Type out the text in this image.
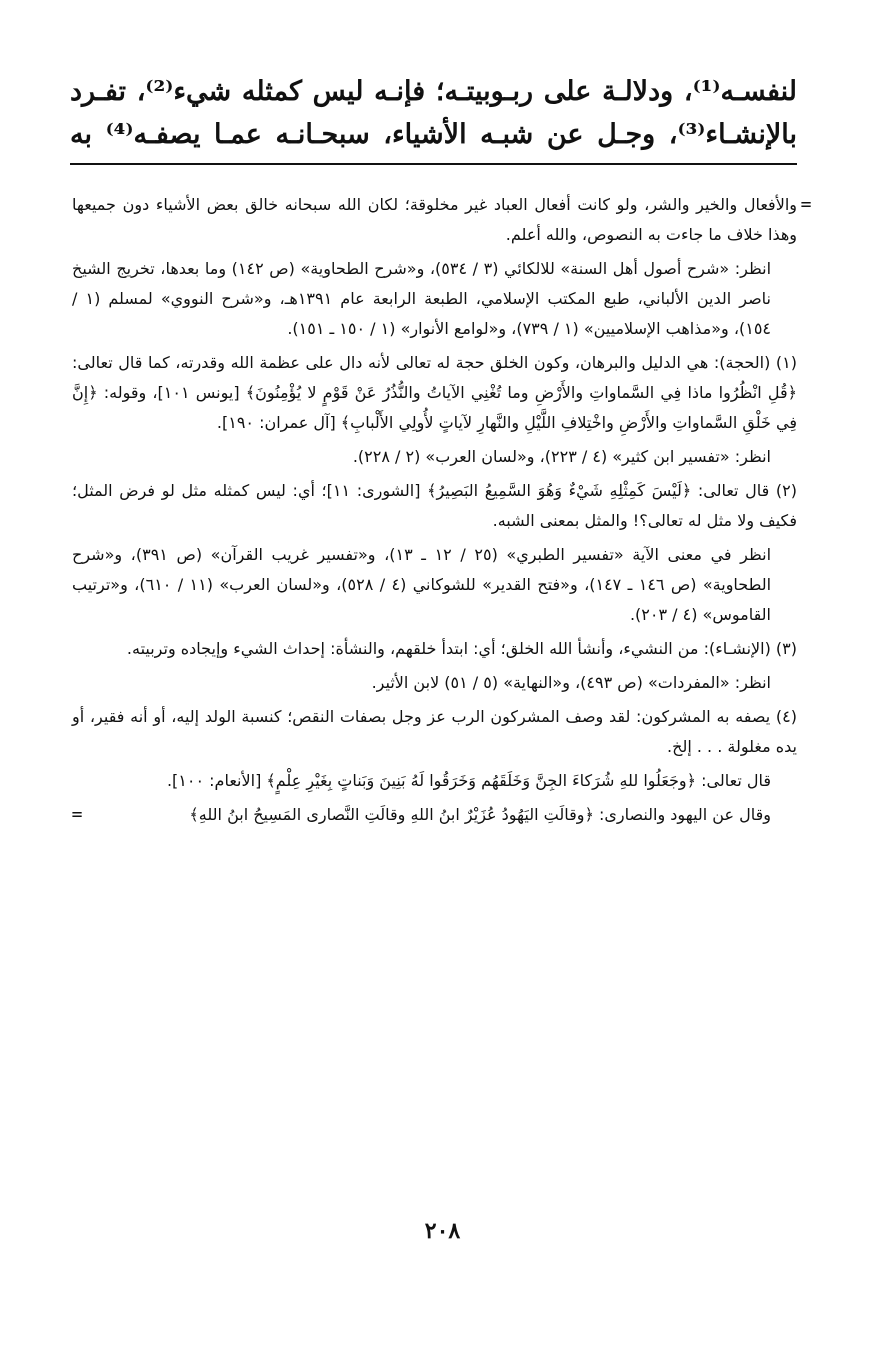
لنفسـه⁽¹⁾، ودلالـة على ربـوبيتـه؛ فإنـه ليس كمثله شيء⁽²⁾، تفـرد
بالإنشـاء⁽³⁾، وجـل عن شبـه الأشياء، سبحـانـه عمـا يصفـه⁽⁴⁾ به

=
والأفعال والخير والشر، ولو كانت أفعال العباد غير مخلوقة؛ لكان الله سبحانه خالق بعض الأشياء دون جميعها وهذا خلاف ما جاءت به النصوص، والله أعلم.

انظر: «شرح أصول أهل السنة» للالكائي (٣ / ٥٣٤)، و«شرح الطحاوية» (ص ١٤٢) وما بعدها، تخريج الشيخ ناصر الدين الألباني، طبع المكتب الإسلامي، الطبعة الرابعة عام ١٣٩١هـ، و«شرح النووي» لمسلم (١ / ١٥٤)، و«مذاهب الإسلاميين» (١ / ٧٣٩)، و«لوامع الأنوار» (١ / ١٥٠ ـ ١٥١).

(١) (الحجة): هي الدليل والبرهان، وكون الخلق حجة له تعالى لأنه دال على عظمة الله وقدرته، كما قال تعالى: ﴿قُلِ انْظُرُوا ماذا فِي السَّماواتِ والأَرْضِ وما تُغْنِي الآياتُ والنُّذُرُ عَنْ قَوْمٍ لا يُؤْمِنُونَ﴾ [يونس ١٠١]، وقوله: ﴿إِنَّ فِي خَلْقِ السَّماواتِ والأَرْضِ واخْتِلافِ اللَّيْلِ والنَّهارِ لآياتٍ لأُولِي الأَلْبابِ﴾ [آل عمران: ١٩٠].

انظر: «تفسير ابن كثير» (٤ / ٢٢٣)، و«لسان العرب» (٢ / ٢٢٨).

(٢) قال تعالى: ﴿لَيْسَ كَمِثْلِهِ شَيْءٌ وَهُوَ السَّمِيعُ البَصِيرُ﴾ [الشورى: ١١]؛ أي: ليس كمثله مثل لو فرض المثل؛ فكيف ولا مثل له تعالى؟! والمثل بمعنى الشبه.

انظر في معنى الآية «تفسير الطبري» (٢٥ / ١٢ ـ ١٣)، و«تفسير غريب القرآن» (ص ٣٩١)، و«شرح الطحاوية» (ص ١٤٦ ـ ١٤٧)، و«فتح القدير» للشوكاني (٤ / ٥٢٨)، و«لسان العرب» (١١ / ٦١٠)، و«ترتيب القاموس» (٤ / ٢٠٣).

(٣) (الإنشـاء): من النشيء، وأنشأ الله الخلق؛ أي: ابتدأ خلقهم، والنشأة: إحداث الشيء وإيجاده وتربيته.

انظر: «المفردات» (ص ٤٩٣)، و«النهاية» (٥ / ٥١) لابن الأثير.

(٤) يصفه به المشركون: لقد وصف المشركون الرب عز وجل بصفات النقص؛ كنسبة الولد إليه، أو أنه فقير، أو يده مغلولة . . . إلخ.

قال تعالى: ﴿وجَعَلُوا للهِ شُرَكاءَ الجِنَّ وَخَلَقَهُم وَخَرَقُوا لَهُ بَنِينَ وَبَناتٍ بِغَيْرِ عِلْمٍ﴾ [الأنعام: ١٠٠].

وقال عن اليهود والنصارى: ﴿وقالَتِ اليَهُودُ عُزَيْرٌ ابنُ اللهِ وقالَتِ النَّصارى المَسِيحُ ابنُ اللهِ﴾
=

٢٠٨
